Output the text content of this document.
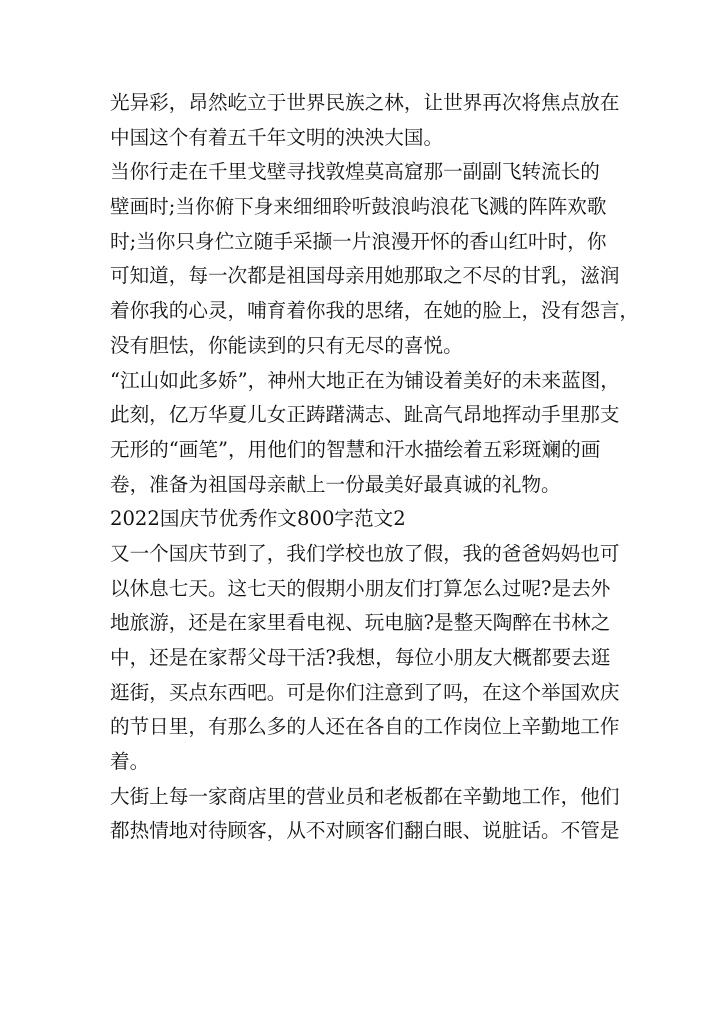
光异彩，昂然屹立于世界民族之林，让世界再次将焦点放在
中国这个有着五千年文明的泱泱大国。
当你行走在千里戈壁寻找敦煌莫高窟那一副副飞转流长的
壁画时;当你俯下身来细细聆听鼓浪屿浪花飞溅的阵阵欢歌
时;当你只身伫立随手采撷一片浪漫开怀的香山红叶时，你
可知道，每一次都是祖国母亲用她那取之不尽的甘乳，滋润
着你我的心灵，哺育着你我的思绪，在她的脸上，没有怨言，
没有胆怯，你能读到的只有无尽的喜悦。
“江山如此多娇”，神州大地正在为铺设着美好的未来蓝图，
此刻，亿万华夏儿女正踌躇满志、趾高气昂地挥动手里那支
无形的“画笔”，用他们的智慧和汗水描绘着五彩斑斓的画
卷，准备为祖国母亲献上一份最美好最真诚的礼物。
2022国庆节优秀作文800字范文2
又一个国庆节到了，我们学校也放了假，我的爸爸妈妈也可
以休息七天。这七天的假期小朋友们打算怎么过呢?是去外
地旅游，还是在家里看电视、玩电脑?是整天陶醉在书林之
中，还是在家帮父母干活?我想，每位小朋友大概都要去逛
逛街，买点东西吧。可是你们注意到了吗，在这个举国欢庆
的节日里，有那么多的人还在各自的工作岗位上辛勤地工作
着。
大街上每一家商店里的营业员和老板都在辛勤地工作，他们
都热情地对待顾客，从不对顾客们翻白眼、说脏话。不管是
